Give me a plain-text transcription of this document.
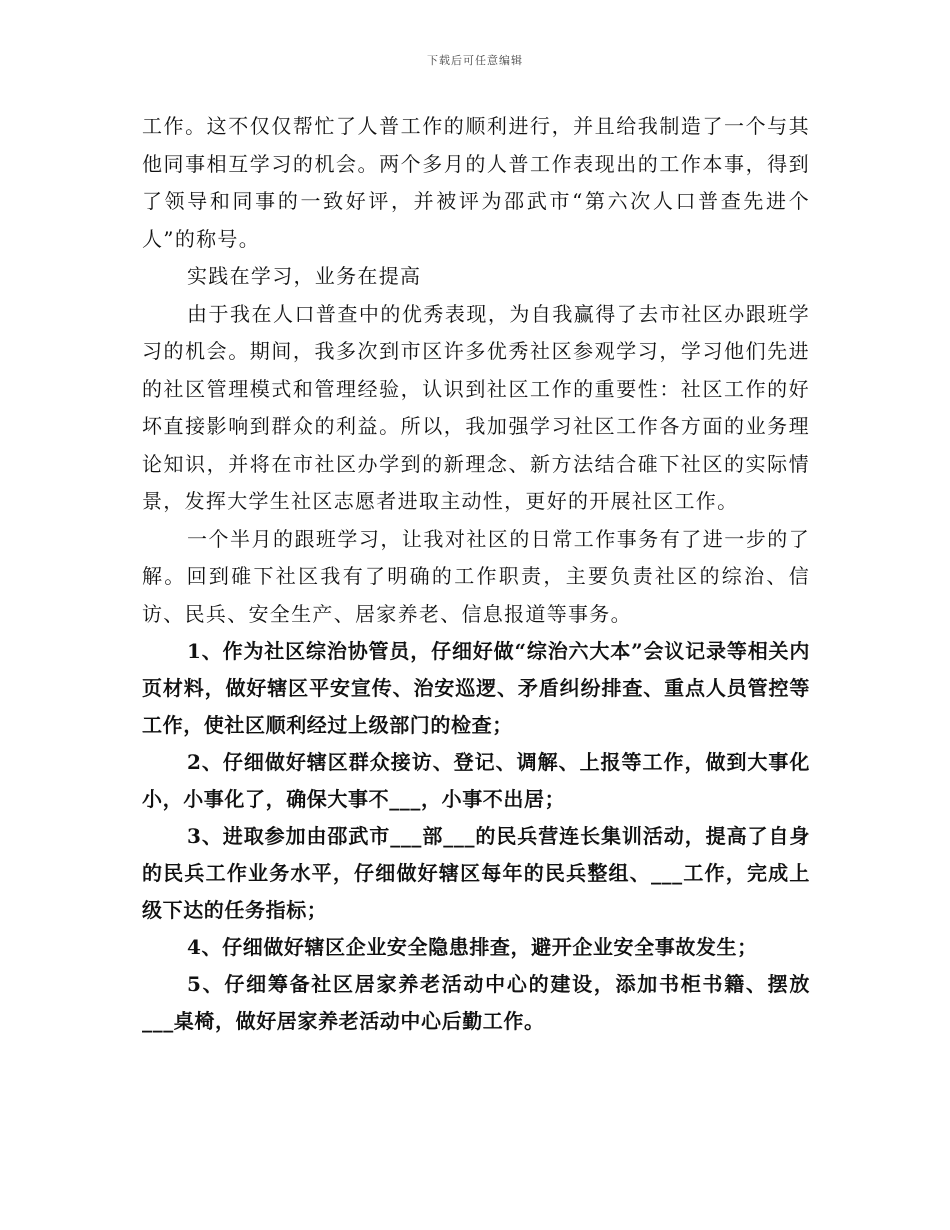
下载后可任意编辑

工作。这不仅仅帮忙了人普工作的顺利进行，并且给我制造了一个与其他同事相互学习的机会。两个多月的人普工作表现出的工作本事，得到了领导和同事的一致好评，并被评为邵武市“第六次人口普查先进个人”的称号。

实践在学习，业务在提高

由于我在人口普查中的优秀表现，为自我赢得了去市社区办跟班学习的机会。期间，我多次到市区许多优秀社区参观学习，学习他们先进的社区管理模式和管理经验，认识到社区工作的重要性：社区工作的好坏直接影响到群众的利益。所以，我加强学习社区工作各方面的业务理论知识，并将在市社区办学到的新理念、新方法结合碓下社区的实际情景，发挥大学生社区志愿者进取主动性，更好的开展社区工作。

一个半月的跟班学习，让我对社区的日常工作事务有了进一步的了解。回到碓下社区我有了明确的工作职责，主要负责社区的综治、信访、民兵、安全生产、居家养老、信息报道等事务。

1、作为社区综治协管员，仔细好做“综治六大本”会议记录等相关内页材料，做好辖区平安宣传、治安巡逻、矛盾纠纷排查、重点人员管控等工作，使社区顺利经过上级部门的检查；

2、仔细做好辖区群众接访、登记、调解、上报等工作，做到大事化小，小事化了，确保大事不___，小事不出居；

3、进取参加由邵武市___部___的民兵营连长集训活动，提高了自身的民兵工作业务水平，仔细做好辖区每年的民兵整组、___工作，完成上级下达的任务指标；

4、仔细做好辖区企业安全隐患排查，避开企业安全事故发生；

5、仔细筹备社区居家养老活动中心的建设，添加书柜书籍、摆放___桌椅，做好居家养老活动中心后勤工作。
